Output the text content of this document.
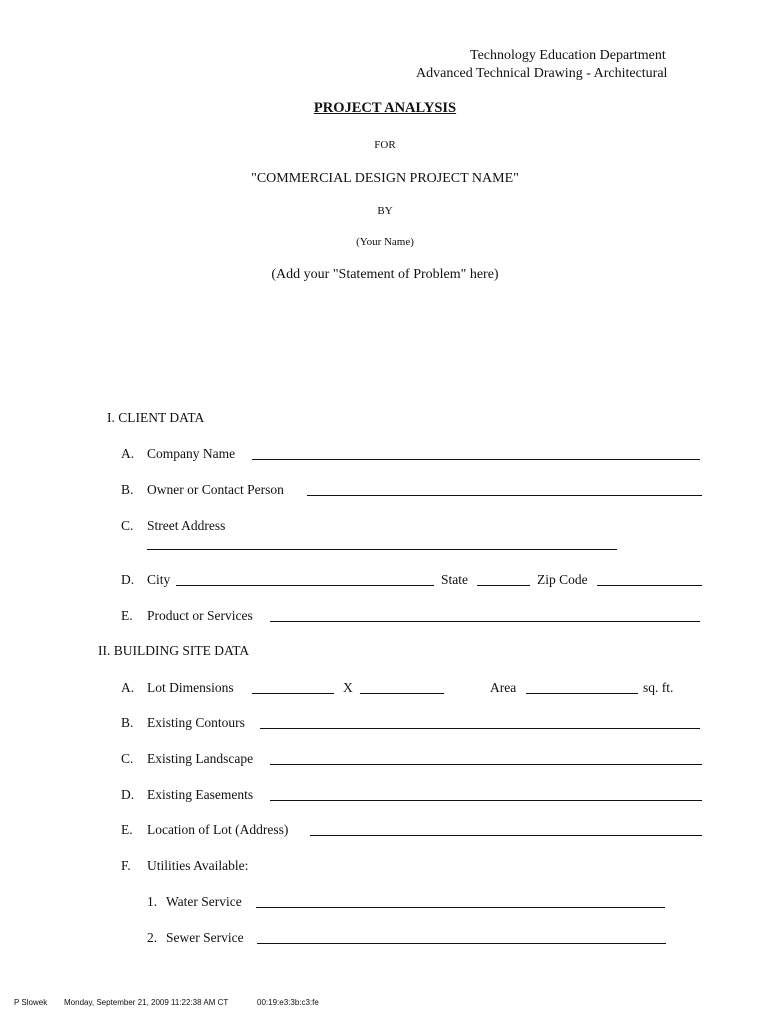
Technology Education Department
Advanced Technical Drawing - Architectural
PROJECT ANALYSIS
FOR
"COMMERCIAL DESIGN PROJECT NAME"
BY
(Your Name)
(Add your "Statement of Problem" here)
I. CLIENT DATA
A. Company Name
B. Owner or Contact Person
C. Street Address
D. City	State	Zip Code
E. Product or Services
II. BUILDING SITE DATA
A. Lot Dimensions	X	Area	sq. ft.
B. Existing Contours
C. Existing Landscape
D. Existing Easements
E. Location of Lot (Address)
F. Utilities Available:
1. Water Service
2. Sewer Service
P Slowek Monday, September 21, 2009 11:22:38 AM CT	00:19:e3:3b:c3:fe
